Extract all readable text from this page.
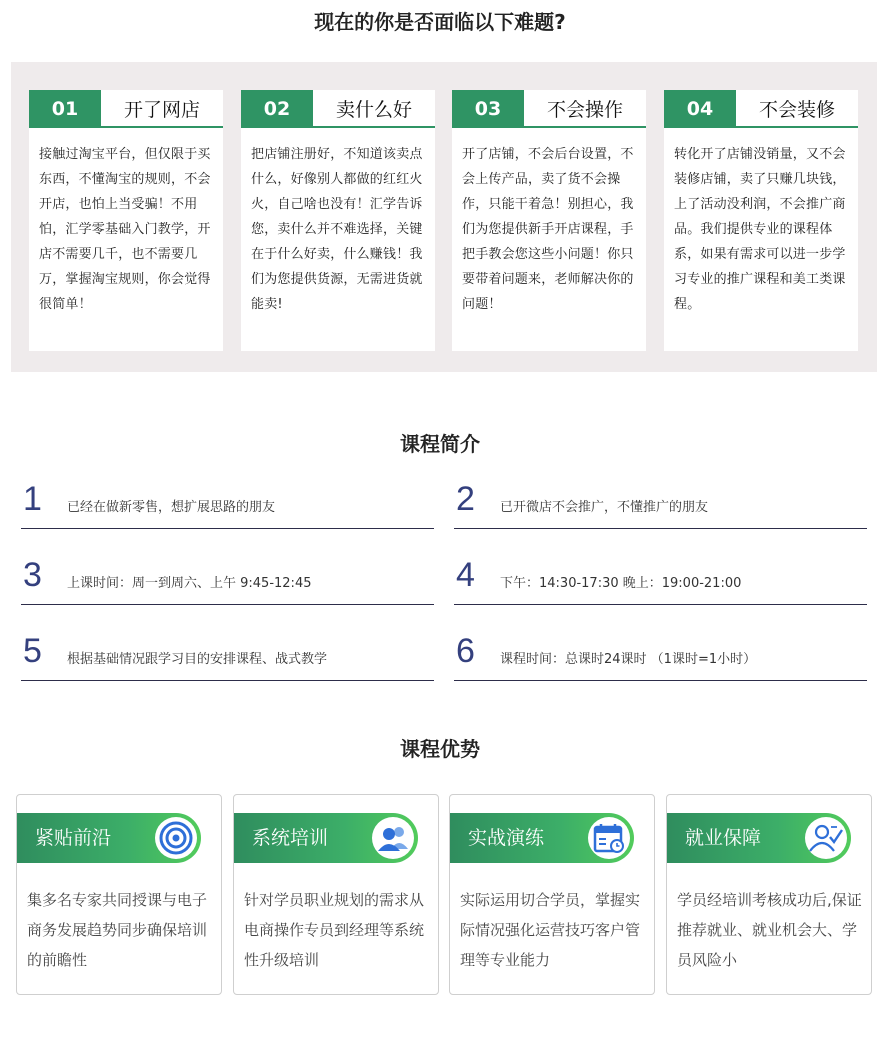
现在的你是否面临以下难题?
01	开了网店
接触过淘宝平台，但仅限于买东西，不懂淘宝的规则，不会开店，也怕上当受骗！不用怕，汇学零基础入门教学，开店不需要几千，也不需要几万，掌握淘宝规则，你会觉得很简单！
02	卖什么好
把店铺注册好，不知道该卖点什么，好像别人都做的红红火火，自己啥也没有！汇学告诉您，卖什么并不难选择，关键在于什么好卖，什么赚钱！我们为您提供货源，无需进货就能卖!
03	不会操作
开了店铺，不会后台设置，不会上传产品，卖了货不会操作，只能干着急！别担心，我们为您提供新手开店课程，手把手教会您这些小问题！你只要带着问题来，老师解决你的问题！
04	不会装修
转化开了店铺没销量，又不会装修店铺，卖了只赚几块钱，上了活动没利润，不会推广商品。我们提供专业的课程体系，如果有需求可以进一步学习专业的推广课程和美工类课程。
课程简介
1 已经在做新零售，想扩展思路的朋友	2 已开微店不会推广，不懂推广的朋友
3 上课时间：周一到周六、上午 9:45-12:45	4 下午：14:30-17:30 晚上：19:00-21:00
5 根据基础情况跟学习目的安排课程、战式教学	6 课程时间：总课时24课时 （1课时=1小时）
课程优势
紧贴前沿
集多名专家共同授课与电子商务发展趋势同步确保培训的前瞻性
系统培训
针对学员职业规划的需求从电商操作专员到经理等系统性升级培训
实战演练
实际运用切合学员，掌握实际情况强化运营技巧客户管理等专业能力
就业保障
学员经培训考核成功后,保证推荐就业、就业机会大、学员风险小
